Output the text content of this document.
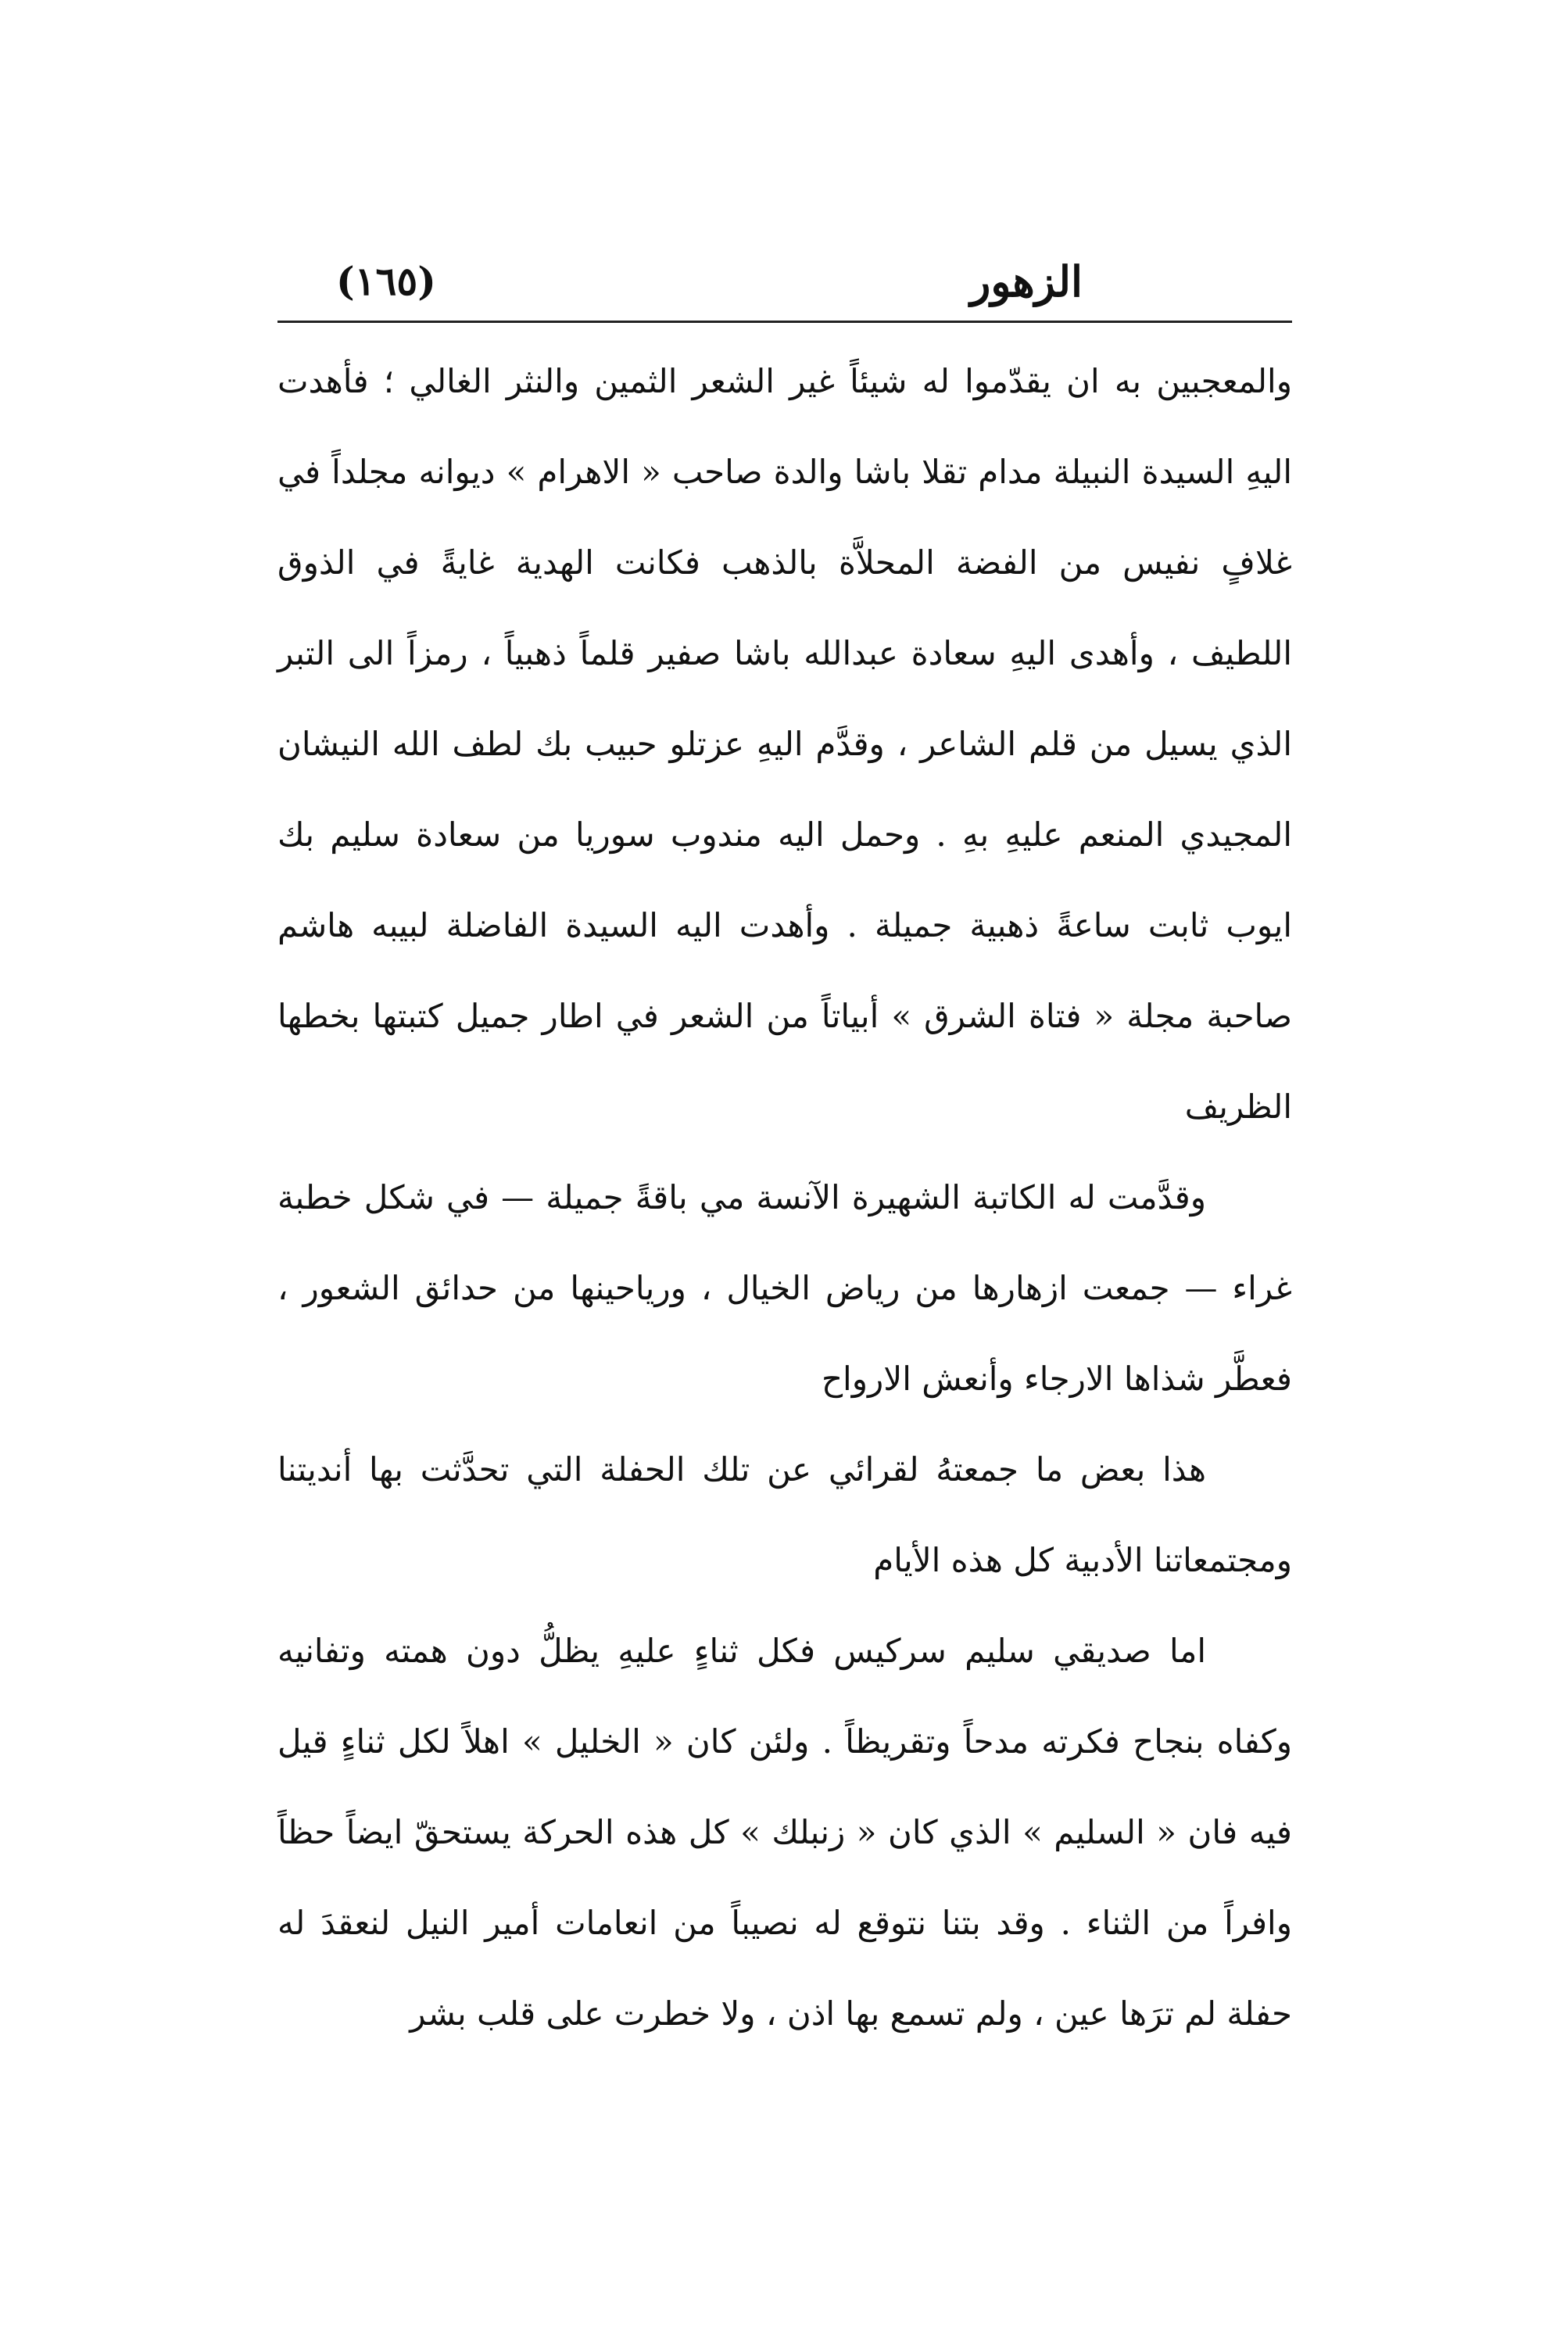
الزهور
(١٦٥)

والمعجبين به ان يقدّموا له شيئاً غير الشعر الثمين والنثر الغالي ؛ فأهدت اليهِ السيدة النبيلة مدام تقلا باشا والدة صاحب « الاهرام » ديوانه مجلداً في غلافٍ نفيس من الفضة المحلاَّة بالذهب فكانت الهدية غايةً في الذوق اللطيف ، وأهدى اليهِ سعادة عبدالله باشا صفير قلماً ذهبياً ، رمزاً الى التبر الذي يسيل من قلم الشاعر ، وقدَّم اليهِ عزتلو حبيب بك لطف الله النيشان المجيدي المنعم عليهِ بهِ . وحمل اليه مندوب سوريا من سعادة سليم بك ايوب ثابت ساعةً ذهبية جميلة . وأهدت اليه السيدة الفاضلة لبيبه هاشم صاحبة مجلة « فتاة الشرق » أبياتاً من الشعر في اطار جميل كتبتها بخطها الظريف

وقدَّمت له الكاتبة الشهيرة الآنسة مي باقةً جميلة — في شكل خطبة غراء — جمعت ازهارها من رياض الخيال ، ورياحينها من حدائق الشعور ، فعطَّر شذاها الارجاء وأنعش الارواح

هذا بعض ما جمعتهُ لقرائي عن تلك الحفلة التي تحدَّثت بها أنديتنا ومجتمعاتنا الأدبية كل هذه الأيام

اما صديقي سليم سركيس فكل ثناءٍ عليهِ يظلُّ دون همته وتفانيه وكفاه بنجاح فكرته مدحاً وتقريظاً . ولئن كان « الخليل » اهلاً لكل ثناءٍ قيل فيه فان « السليم » الذي كان « زنبلك » كل هذه الحركة يستحقّ ايضاً حظاً وافراً من الثناء . وقد بتنا نتوقع له نصيباً من انعامات أمير النيل لنعقدَ له حفلة لم ترَها عين ، ولم تسمع بها اذن ، ولا خطرت على قلب بشر
